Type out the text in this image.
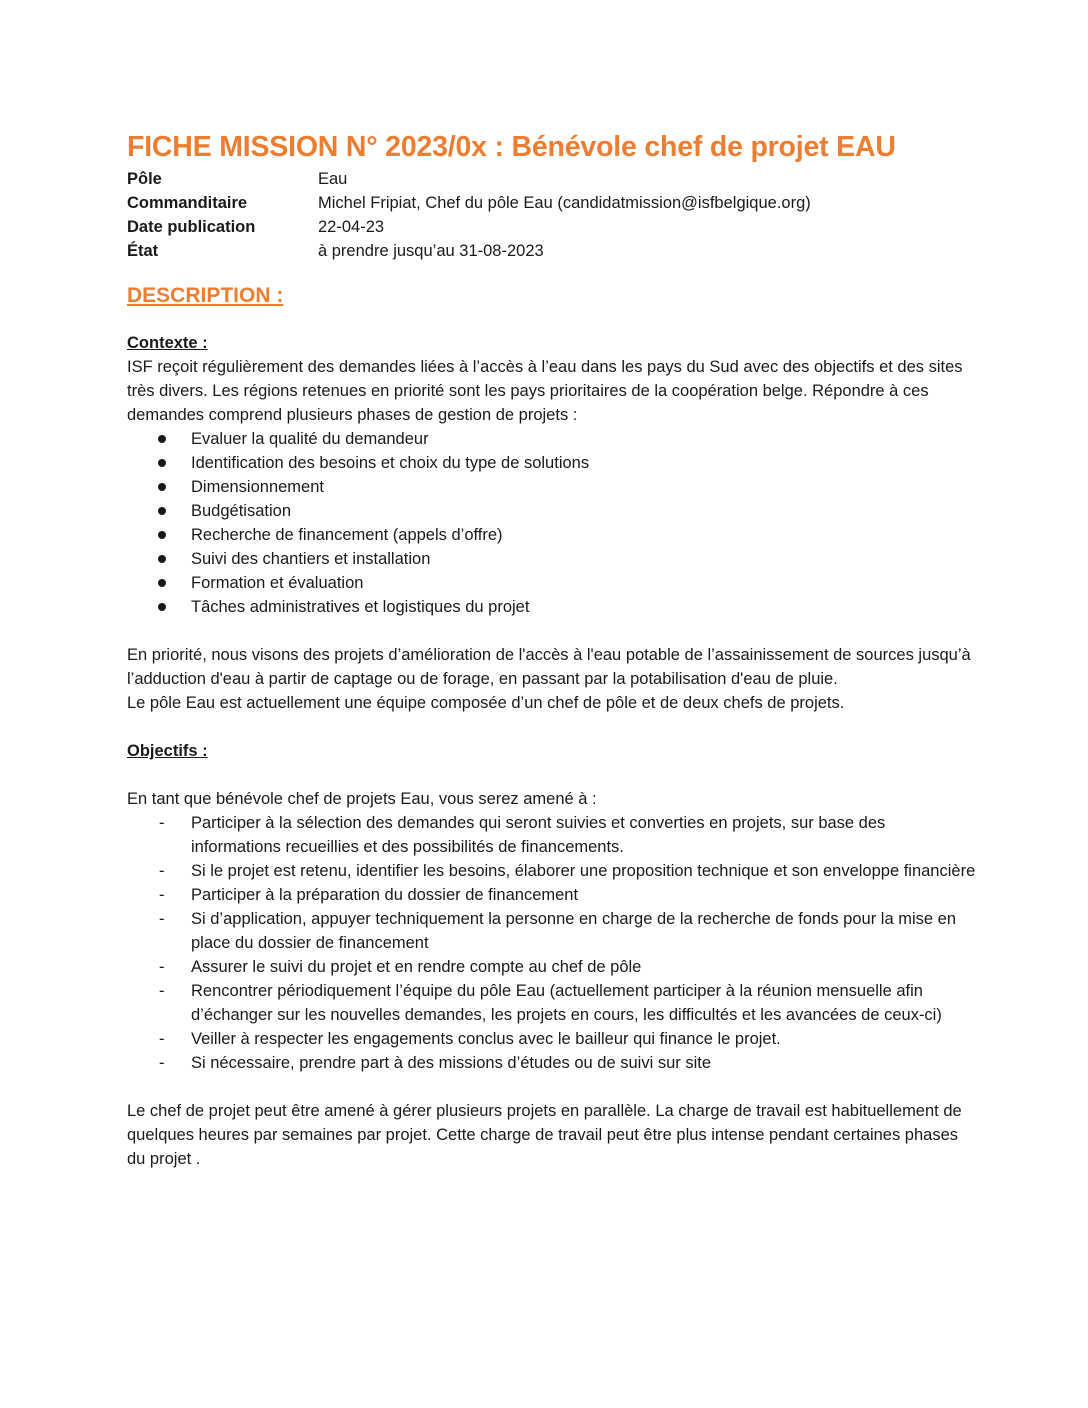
FICHE MISSION N° 2023/0x : Bénévole chef de projet EAU
Pôle	Eau
Commanditaire	Michel Fripiat, Chef du pôle Eau (candidatmission@isfbelgique.org)
Date publication	22-04-23
État	à prendre jusqu’au 31-08-2023
DESCRIPTION :
Contexte :

ISF reçoit régulièrement des demandes liées à l’accès à l’eau dans les pays du Sud avec des objectifs et des sites très divers. Les régions retenues en priorité sont les pays prioritaires de la coopération belge. Répondre à ces demandes comprend plusieurs phases de gestion de projets :

Evaluer la qualité du demandeur
Identification des besoins et choix du type de solutions
Dimensionnement
Budgétisation
Recherche de financement (appels d’offre)
Suivi des chantiers et installation
Formation et évaluation
Tâches administratives et logistiques du projet

En priorité, nous visons des projets d’amélioration de l'accès à l'eau potable de l’assainissement de sources jusqu’à l’adduction d'eau à partir de captage ou de forage, en passant par la potabilisation d'eau de pluie.

Le pôle Eau est actuellement une équipe composée d’un chef de pôle et de deux chefs de projets.

Objectifs :

En tant que bénévole chef de projets Eau, vous serez amené à :

- Participer à la sélection des demandes qui seront suivies et converties en projets, sur base des informations recueillies et des possibilités de financements.
- Si le projet est retenu, identifier les besoins, élaborer une proposition technique et son enveloppe financière
- Participer à la préparation du dossier de financement
- Si d’application, appuyer techniquement la personne en charge de la recherche de fonds pour la mise en place du dossier de financement
- Assurer le suivi du projet et en rendre compte au chef de pôle
- Rencontrer périodiquement l’équipe du pôle Eau (actuellement participer à la réunion mensuelle afin d’échanger sur les nouvelles demandes, les projets en cours, les difficultés et les avancées de ceux-ci)
- Veiller à respecter les engagements conclus avec le bailleur qui finance le projet.
- Si nécessaire, prendre part à des missions d’études ou de suivi sur site

Le chef de projet peut être amené à gérer plusieurs projets en parallèle. La charge de travail est habituellement de quelques heures par semaines par projet. Cette charge de travail peut être plus intense pendant certaines phases du projet .
